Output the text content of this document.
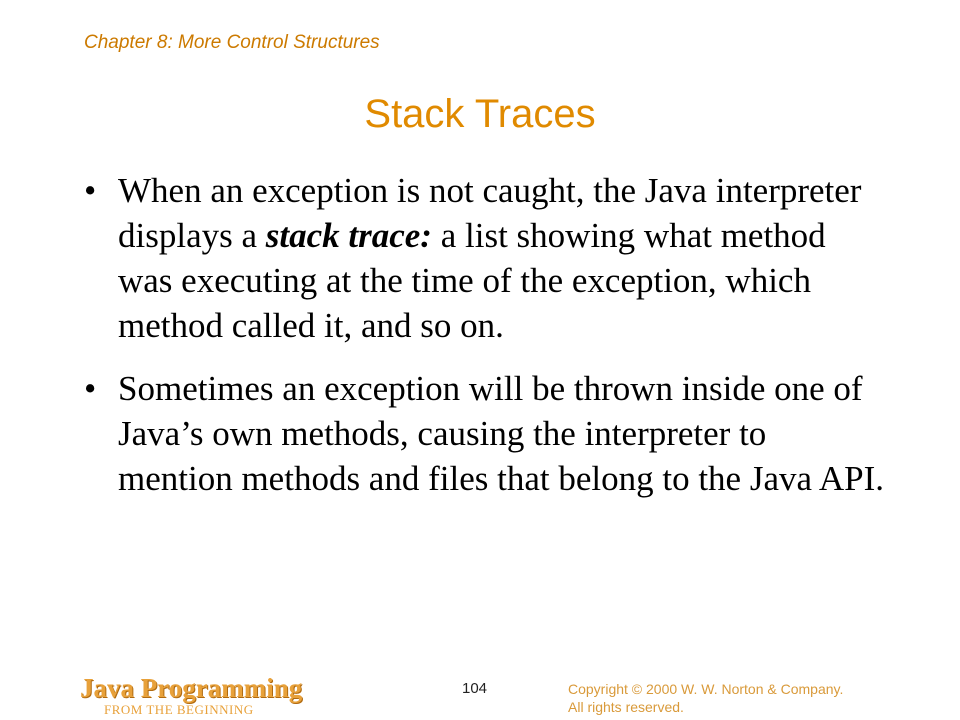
Chapter 8: More Control Structures
Stack Traces
• When an exception is not caught, the Java interpreter displays a stack trace: a list showing what method was executing at the time of the exception, which method called it, and so on.
• Sometimes an exception will be thrown inside one of Java’s own methods, causing the interpreter to mention methods and files that belong to the Java API.
Java Programming
FROM THE BEGINNING
104	Copyright © 2000 W. W. Norton & Company.
All rights reserved.
